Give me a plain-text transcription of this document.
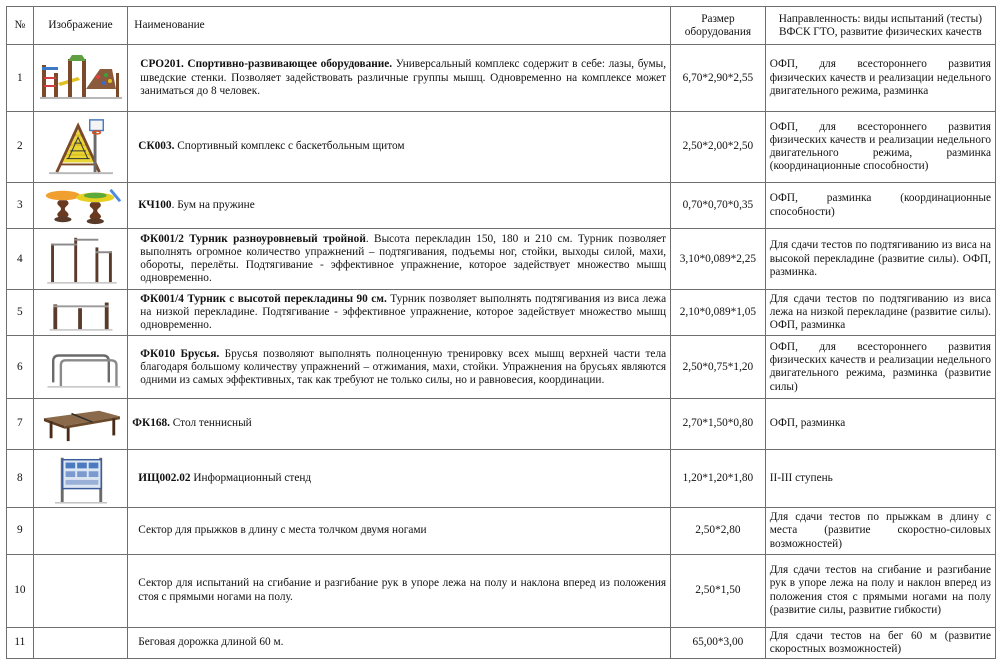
№	Изображение	Наименование	Размер оборудования	Направленность: виды испытаний (тесты) ВФСК ГТО, развитие физических качеств
1		СРО201. Спортивно-развивающее оборудование. Универсальный комплекс содержит в себе: лазы, бумы, шведские стенки. Позволяет задействовать различные группы мышц. Одновременно на комплексе может заниматься до 8 человек.	6,70*2,90*2,55	ОФП, для всестороннего развития физических качеств и реализации недельного двигательного режима, разминка
2		СК003. Спортивный комплекс с баскетбольным щитом	2,50*2,00*2,50	ОФП, для всестороннего развития физических качеств и реализации недельного двигательного режима, разминка (координационные способности)
3		КЧ100. Бум на пружине	0,70*0,70*0,35	ОФП, разминка (координационные способности)
4		ФК001/2 Турник разноуровневый тройной. Высота перекладин 150, 180 и 210 см. Турник позволяет выполнять огромное количество упражнений – подтягивания, подъемы ног, стойки, выходы силой, махи, обороты, перелёты. Подтягивание - эффективное упражнение, которое задействует множество мышц одновременно.	3,10*0,089*2,25	Для сдачи тестов по подтягиванию из виса на высокой перекладине (развитие силы). ОФП, разминка.
5		ФК001/4 Турник с высотой перекладины 90 см. Турник позволяет выполнять подтягивания из виса лежа на низкой перекладине. Подтягивание - эффективное упражнение, которое задействует множество мышц одновременно.	2,10*0,089*1,05	Для сдачи тестов по подтягиванию из виса лежа на низкой перекладине (развитие силы). ОФП, разминка
6		ФК010 Брусья. Брусья позволяют выполнять полноценную тренировку всех мышц верхней части тела благодаря большому количеству упражнений – отжимания, махи, стойки. Упражнения на брусьях являются одними из самых эффективных, так как требуют не только силы, но и равновесия, координации.	2,50*0,75*1,20	ОФП, для всестороннего развития физических качеств и реализации недельного двигательного режима, разминка (развитие силы)
7		ФК168. Стол теннисный	2,70*1,50*0,80	ОФП, разминка
8		ИЩ002.02 Информационный стенд	1,20*1,20*1,80	II-III ступень
9		Сектор для прыжков в длину с места толчком двумя ногами	2,50*2,80	Для сдачи тестов по прыжкам в длину с места (развитие скоростно-силовых возможностей)
10		Сектор для испытаний на сгибание и разгибание рук в упоре лежа на полу и наклона вперед из положения стоя с прямыми ногами на полу.	2,50*1,50	Для сдачи тестов на сгибание и разгибание рук в упоре лежа на полу и наклон вперед из положения стоя с прямыми ногами на полу (развитие силы, развитие гибкости)
11		Беговая дорожка длиной 60 м.	65,00*3,00	Для сдачи тестов на бег 60 м (развитие скоростных возможностей)
